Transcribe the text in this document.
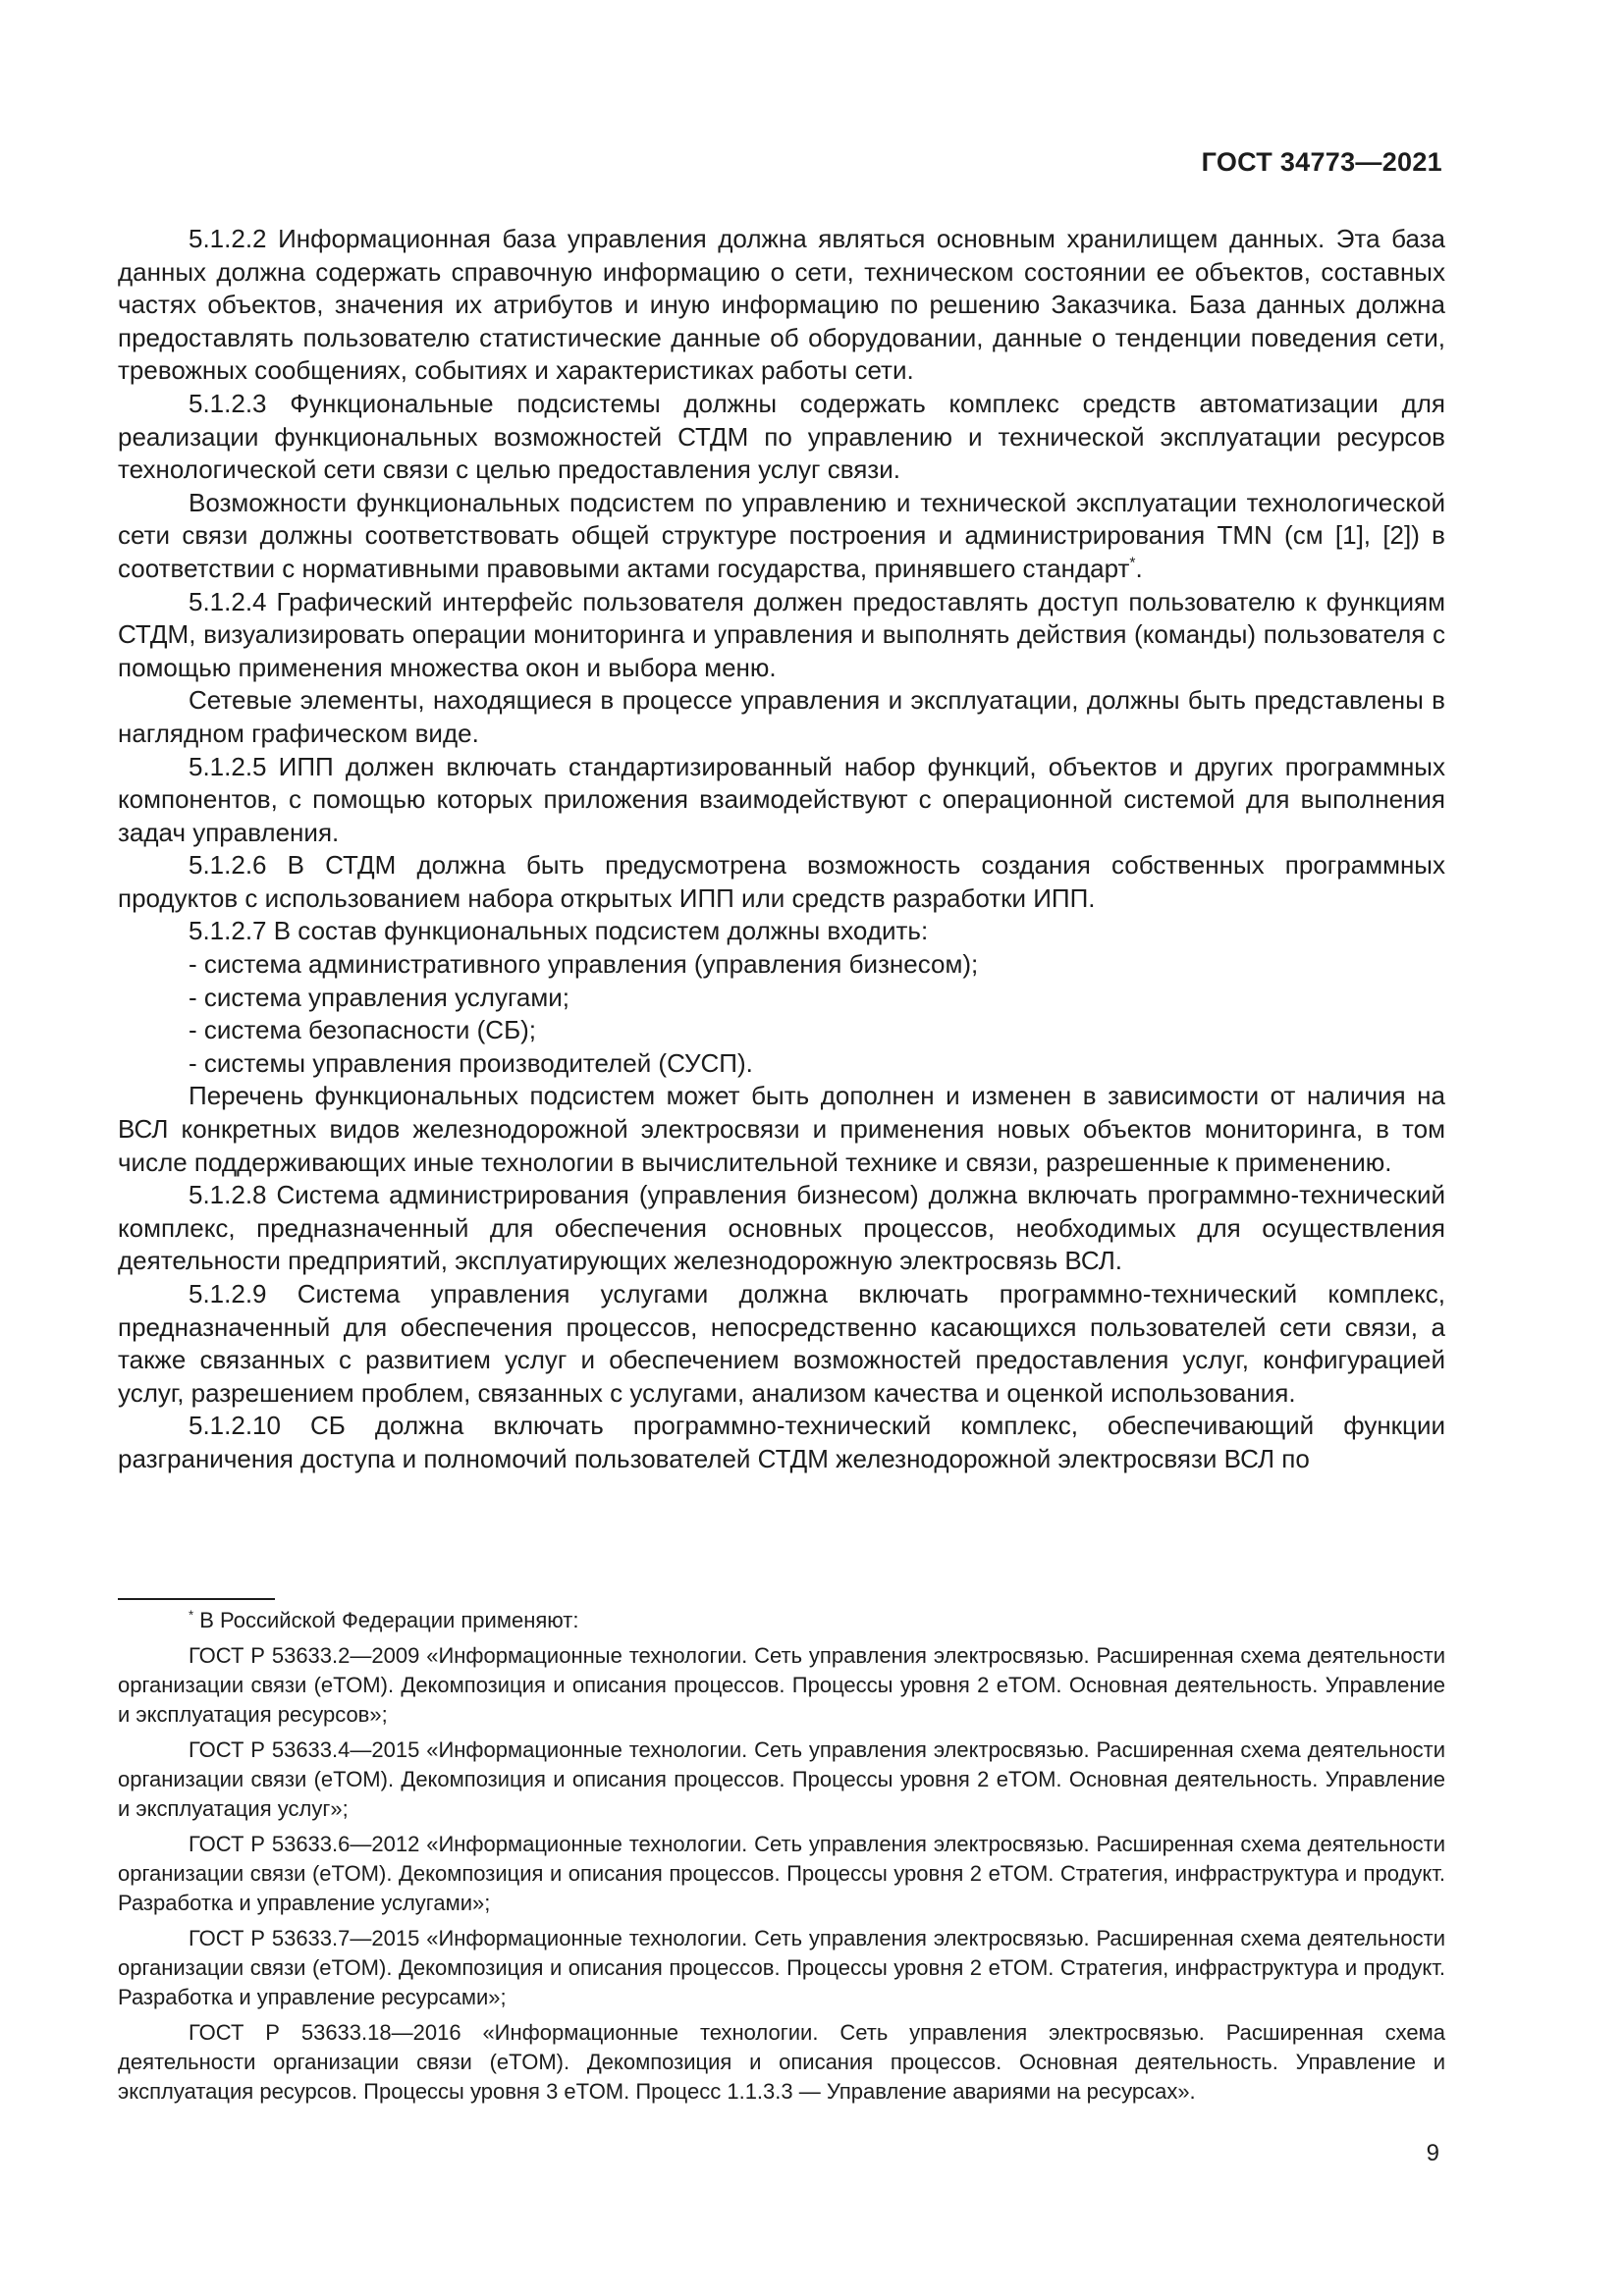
ГОСТ 34773—2021

5.1.2.2 Информационная база управления должна являться основным хранилищем данных. Эта база данных должна содержать справочную информацию о сети, техническом состоянии ее объектов, составных частях объектов, значения их атрибутов и иную информацию по решению Заказчика. База данных должна предоставлять пользователю статистические данные об оборудовании, данные о тенденции поведения сети, тревожных сообщениях, событиях и характеристиках работы сети.

5.1.2.3 Функциональные подсистемы должны содержать комплекс средств автоматизации для реализации функциональных возможностей СТДМ по управлению и технической эксплуатации ресурсов технологической сети связи с целью предоставления услуг связи.

Возможности функциональных подсистем по управлению и технической эксплуатации технологической сети связи должны соответствовать общей структуре построения и администрирования TMN (см [1], [2]) в соответствии с нормативными правовыми актами государства, принявшего стандарт*.

5.1.2.4 Графический интерфейс пользователя должен предоставлять доступ пользователю к функциям СТДМ, визуализировать операции мониторинга и управления и выполнять действия (команды) пользователя с помощью применения множества окон и выбора меню.

Сетевые элементы, находящиеся в процессе управления и эксплуатации, должны быть представлены в наглядном графическом виде.

5.1.2.5 ИПП должен включать стандартизированный набор функций, объектов и других программных компонентов, с помощью которых приложения взаимодействуют с операционной системой для выполнения задач управления.

5.1.2.6 В СТДМ должна быть предусмотрена возможность создания собственных программных продуктов с использованием набора открытых ИПП или средств разработки ИПП.

5.1.2.7 В состав функциональных подсистем должны входить:

- система административного управления (управления бизнесом);

- система управления услугами;

- система безопасности (СБ);

- системы управления производителей (СУСП).

Перечень функциональных подсистем может быть дополнен и изменен в зависимости от наличия на ВСЛ конкретных видов железнодорожной электросвязи и применения новых объектов мониторинга, в том числе поддерживающих иные технологии в вычислительной технике и связи, разрешенные к применению.

5.1.2.8 Система администрирования (управления бизнесом) должна включать программно-технический комплекс, предназначенный для обеспечения основных процессов, необходимых для осуществления деятельности предприятий, эксплуатирующих железнодорожную электросвязь ВСЛ.

5.1.2.9 Система управления услугами должна включать программно-технический комплекс, предназначенный для обеспечения процессов, непосредственно касающихся пользователей сети связи, а также связанных с развитием услуг и обеспечением возможностей предоставления услуг, конфигурацией услуг, разрешением проблем, связанных с услугами, анализом качества и оценкой использования.

5.1.2.10 СБ должна включать программно-технический комплекс, обеспечивающий функции разграничения доступа и полномочий пользователей СТДМ железнодорожной электросвязи ВСЛ по

* В Российской Федерации применяют:

ГОСТ Р 53633.2—2009 «Информационные технологии. Сеть управления электросвязью. Расширенная схема деятельности организации связи (eTOM). Декомпозиция и описания процессов. Процессы уровня 2 eTOM. Основная деятельность. Управление и эксплуатация ресурсов»;

ГОСТ Р 53633.4—2015 «Информационные технологии. Сеть управления электросвязью. Расширенная схема деятельности организации связи (eTOM). Декомпозиция и описания процессов. Процессы уровня 2 eTOM. Основная деятельность. Управление и эксплуатация услуг»;

ГОСТ Р 53633.6—2012 «Информационные технологии. Сеть управления электросвязью. Расширенная схема деятельности организации связи (eTOM). Декомпозиция и описания процессов. Процессы уровня 2 eTOM. Стратегия, инфраструктура и продукт. Разработка и управление услугами»;

ГОСТ Р 53633.7—2015 «Информационные технологии. Сеть управления электросвязью. Расширенная схема деятельности организации связи (eTOM). Декомпозиция и описания процессов. Процессы уровня 2 eTOM. Стратегия, инфраструктура и продукт. Разработка и управление ресурсами»;

ГОСТ Р 53633.18—2016 «Информационные технологии. Сеть управления электросвязью. Расширенная схема деятельности организации связи (eTOM). Декомпозиция и описания процессов. Основная деятельность. Управление и эксплуатация ресурсов. Процессы уровня 3 eTOM. Процесс 1.1.3.3 — Управление авариями на ресурсах».

9
